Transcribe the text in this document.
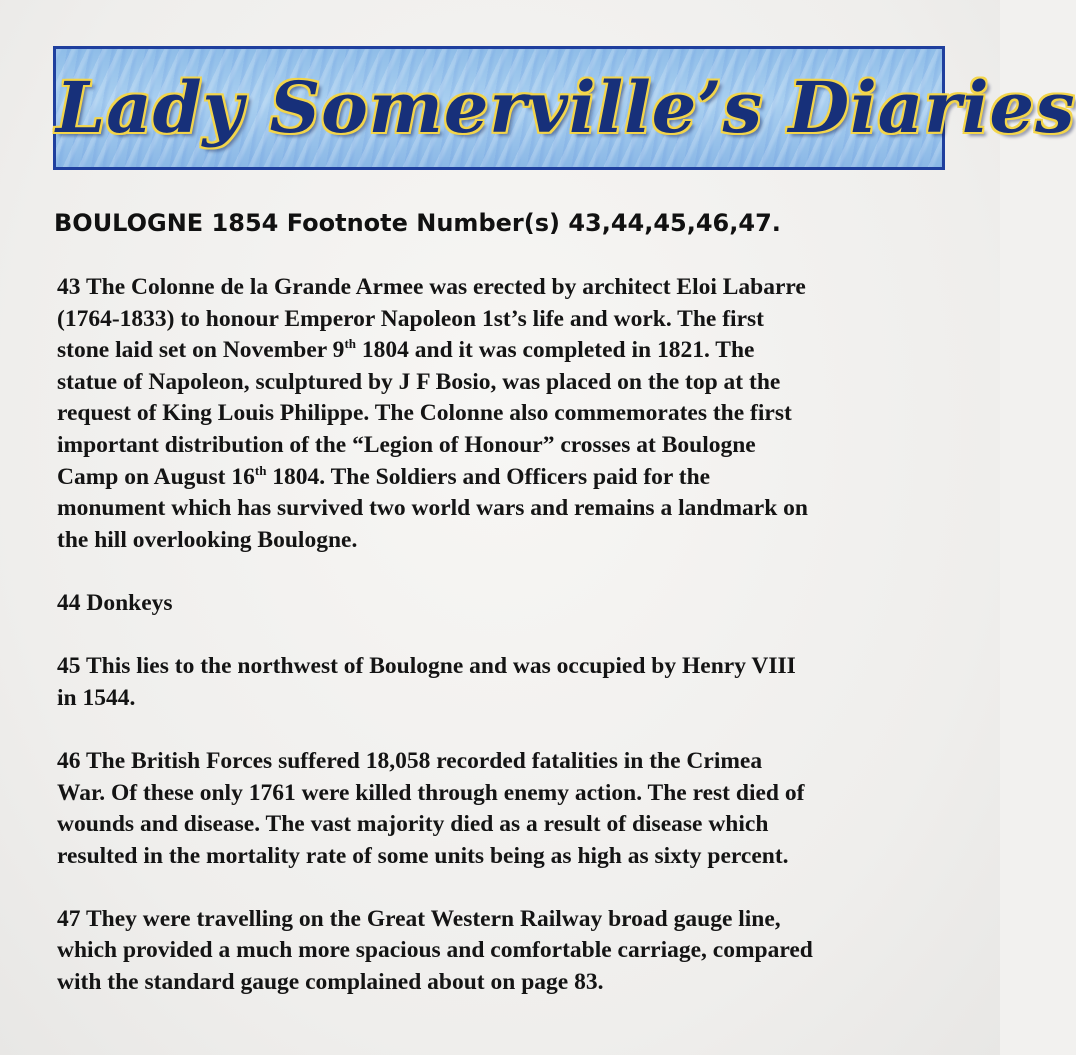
Lady Somerville’s Diaries
BOULOGNE 1854 Footnote Number(s) 43,44,45,46,47.

43 The Colonne de la Grande Armee was erected by architect Eloi Labarre
(1764-1833) to honour Emperor Napoleon 1st’s life and work. The first
stone laid set on November 9th 1804 and it was completed in 1821. The
statue of Napoleon, sculptured by J F Bosio, was placed on the top at the
request of King Louis Philippe. The Colonne also commemorates the first
important distribution of the “Legion of Honour” crosses at Boulogne
Camp on August 16th 1804. The Soldiers and Officers paid for the
monument which has survived two world wars and remains a landmark on
the hill overlooking Boulogne.

44 Donkeys

45 This lies to the northwest of Boulogne and was occupied by Henry VIII
in 1544.

46 The British Forces suffered 18,058 recorded fatalities in the Crimea
War. Of these only 1761 were killed through enemy action. The rest died of
wounds and disease. The vast majority died as a result of disease which
resulted in the mortality rate of some units being as high as sixty percent.

47 They were travelling on the Great Western Railway broad gauge line,
which provided a much more spacious and comfortable carriage, compared
with the standard gauge complained about on page 83.
